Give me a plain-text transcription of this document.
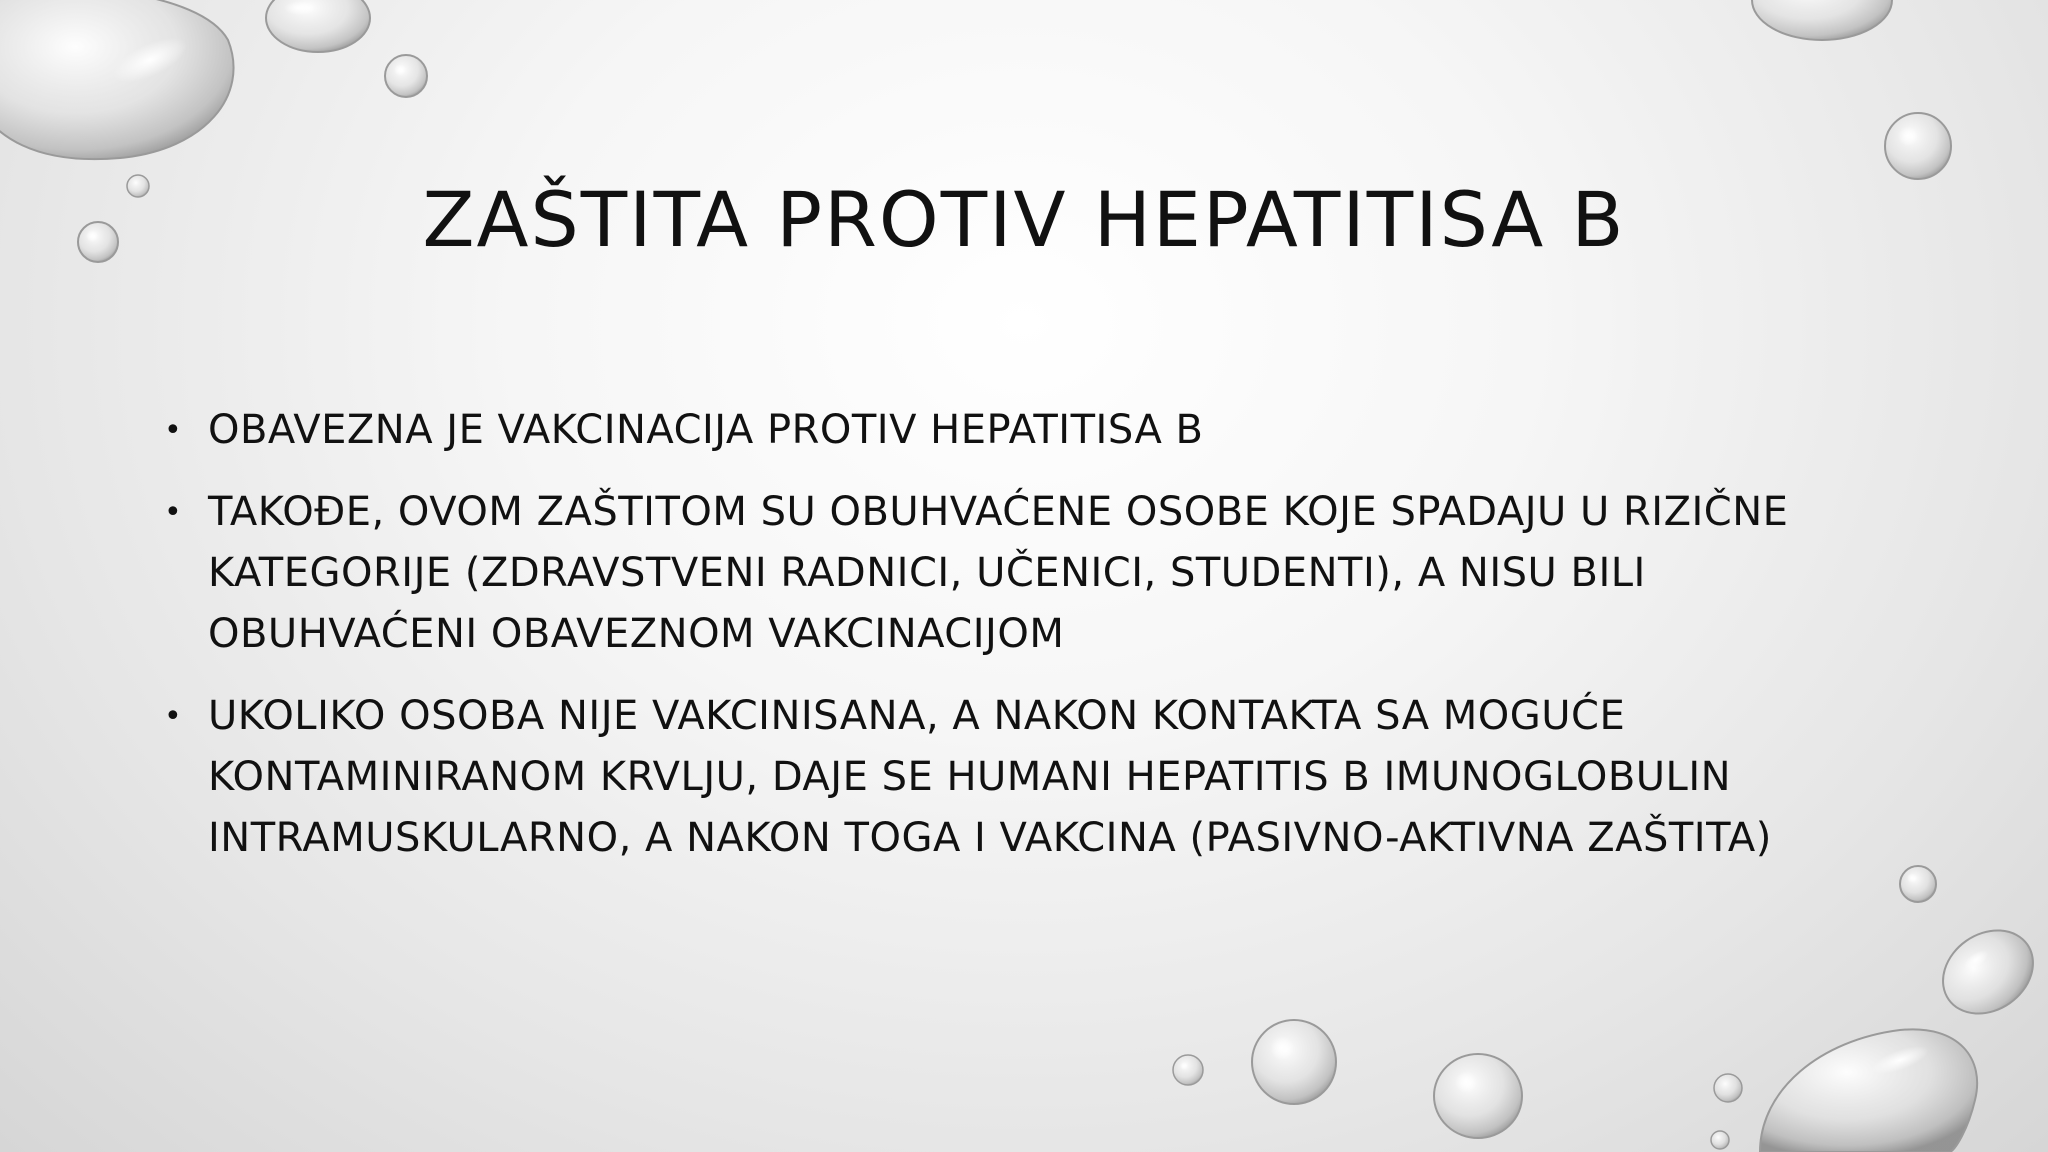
ZAŠTITA PROTIV HEPATITISA B
• OBAVEZNA JE VAKCINACIJA PROTIV HEPATITISA B
• TAKOĐE, OVOM ZAŠTITOM SU OBUHVAĆENE OSOBE KOJE SPADAJU U RIZIČNE KATEGORIJE (ZDRAVSTVENI RADNICI, UČENICI, STUDENTI), A NISU BILI OBUHVAĆENI OBAVEZNOM VAKCINACIJOM
• UKOLIKO OSOBA NIJE VAKCINISANA, A NAKON KONTAKTA SA MOGUĆE KONTAMINIRANOM KRVLJU, DAJE SE HUMANI HEPATITIS B IMUNOGLOBULIN INTRAMUSKULARNO, A NAKON TOGA I VAKCINA (PASIVNO-AKTIVNA ZAŠTITA)
